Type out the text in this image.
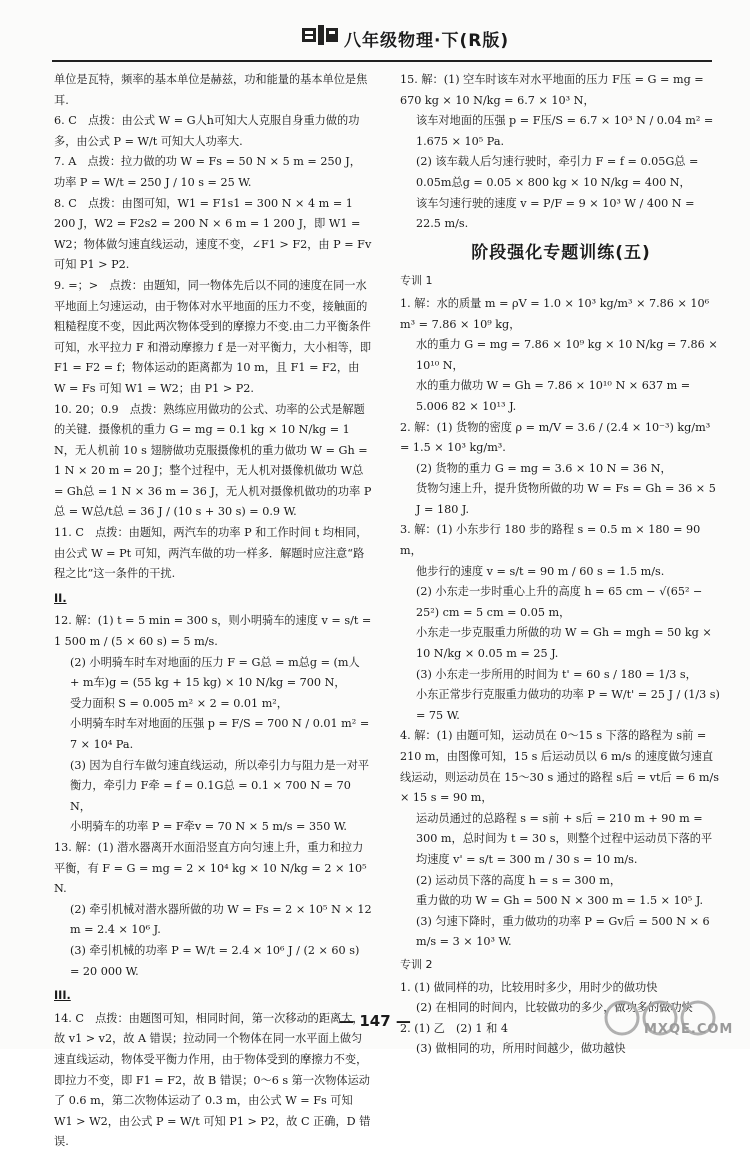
八年级物理·下(R版)

单位是瓦特，频率的基本单位是赫兹，功和能量的基本单位是焦耳.

6. C　点拨：由公式 W = G人h可知大人克服自身重力做的功多，由公式 P = W/t 可知大人功率大.

7. A　点拨：拉力做的功 W = Fs = 50 N × 5 m = 250 J，功率 P = W/t = 250 J / 10 s = 25 W.

8. C　点拨：由图可知，W1 = F1s1 = 300 N × 4 m = 1 200 J，W2 = F2s2 = 200 N × 6 m = 1 200 J，即 W1 = W2；物体做匀速直线运动，速度不变，∠F1 > F2，由 P = Fv 可知 P1 > P2.

9. =；>　点拨：由题知，同一物体先后以不同的速度在同一水平地面上匀速运动，由于物体对水平地面的压力不变，接触面的粗糙程度不变，因此两次物体受到的摩擦力不变.由二力平衡条件可知，水平拉力 F 和滑动摩擦力 f 是一对平衡力，大小相等，即 F1 = F2 = f；物体运动的距离都为 10 m，且 F1 = F2，由 W = Fs 可知 W1 = W2；由 P1 > P2.

10. 20；0.9　点拨：熟练应用做功的公式、功率的公式是解题的关键．摄像机的重力 G = mg = 0.1 kg × 10 N/kg = 1 N，无人机前 10 s 翅膀做功克服摄像机的重力做功 W = Gh = 1 N × 20 m = 20 J；整个过程中，无人机对摄像机做功 W总 = Gh总 = 1 N × 36 m = 36 J，无人机对摄像机做功的功率 P总 = W总/t总 = 36 J / (10 s + 30 s) = 0.9 W.

11. C　点拨：由题知，两汽车的功率 P 和工作时间 t 均相同，由公式 W = Pt 可知，两汽车做的功一样多．解题时应注意“路程之比”这一条件的干扰.

II.

12. 解：(1) t = 5 min = 300 s，则小明骑车的速度 v = s/t = 1 500 m / (5 × 60 s) = 5 m/s.

(2) 小明骑车时车对地面的压力 F = G总 = m总g = (m人 + m车)g = (55 kg + 15 kg) × 10 N/kg = 700 N，

受力面积 S = 0.005 m² × 2 = 0.01 m²，

小明骑车时车对地面的压强 p = F/S = 700 N / 0.01 m² = 7 × 10⁴ Pa.

(3) 因为自行车做匀速直线运动，所以牵引力与阻力是一对平衡力，牵引力 F牵 = f = 0.1G总 = 0.1 × 700 N = 70 N，

小明骑车的功率 P = F牵v = 70 N × 5 m/s = 350 W.

13. 解：(1) 潜水器离开水面沿竖直方向匀速上升，重力和拉力平衡，有 F = G = mg = 2 × 10⁴ kg × 10 N/kg = 2 × 10⁵ N.

(2) 牵引机械对潜水器所做的功 W = Fs = 2 × 10⁵ N × 12 m = 2.4 × 10⁶ J.

(3) 牵引机械的功率 P = W/t = 2.4 × 10⁶ J / (2 × 60 s) = 20 000 W.

III.

14. C　点拨：由题图可知，相同时间，第一次移动的距离大，故 v1 > v2，故 A 错误；拉动同一个物体在同一水平面上做匀速直线运动，物体受平衡力作用，由于物体受到的摩擦力不变，即拉力不变，即 F1 = F2，故 B 错误；0～6 s 第一次物体运动了 0.6 m，第二次物体运动了 0.3 m，由公式 W = Fs 可知 W1 > W2，由公式 P = W/t 可知 P1 > P2，故 C 正确，D 错误.

15. 解：(1) 空车时该车对水平地面的压力 F压 = G = mg = 670 kg × 10 N/kg = 6.7 × 10³ N，

该车对地面的压强 p = F压/S = 6.7 × 10³ N / 0.04 m² = 1.675 × 10⁵ Pa.

(2) 该车载人后匀速行驶时，牵引力 F = f = 0.05G总 = 0.05m总g = 0.05 × 800 kg × 10 N/kg = 400 N，

该车匀速行驶的速度 v = P/F = 9 × 10³ W / 400 N = 22.5 m/s.

阶段强化专题训练(五)
专训 1

1. 解：水的质量 m = ρV = 1.0 × 10³ kg/m³ × 7.86 × 10⁶ m³ = 7.86 × 10⁹ kg，

水的重力 G = mg = 7.86 × 10⁹ kg × 10 N/kg = 7.86 × 10¹⁰ N，

水的重力做功 W = Gh = 7.86 × 10¹⁰ N × 637 m = 5.006 82 × 10¹³ J.

2. 解：(1) 货物的密度 ρ = m/V = 3.6 / (2.4 × 10⁻³) kg/m³ = 1.5 × 10³ kg/m³.

(2) 货物的重力 G = mg = 3.6 × 10 N = 36 N，

货物匀速上升，提升货物所做的功 W = Fs = Gh = 36 × 5 J = 180 J.

3. 解：(1) 小东步行 180 步的路程 s = 0.5 m × 180 = 90 m，

他步行的速度 v = s/t = 90 m / 60 s = 1.5 m/s.

(2) 小东走一步时重心上升的高度 h = 65 cm − √(65² − 25²) cm = 5 cm = 0.05 m，

小东走一步克服重力所做的功 W = Gh = mgh = 50 kg × 10 N/kg × 0.05 m = 25 J.

(3) 小东走一步所用的时间为 t' = 60 s / 180 = 1/3 s，

小东正常步行克服重力做功的功率 P = W/t' = 25 J / (1/3 s) = 75 W.

4. 解：(1) 由题可知，运动员在 0～15 s 下落的路程为 s前 = 210 m，由图像可知，15 s 后运动员以 6 m/s 的速度做匀速直线运动，则运动员在 15～30 s 通过的路程 s后 = vt后 = 6 m/s × 15 s = 90 m，

运动员通过的总路程 s = s前 + s后 = 210 m + 90 m = 300 m，总时间为 t = 30 s，则整个过程中运动员下落的平均速度 v' = s/t = 300 m / 30 s = 10 m/s.

(2) 运动员下落的高度 h = s = 300 m，

重力做的功 W = Gh = 500 N × 300 m = 1.5 × 10⁵ J.

(3) 匀速下降时，重力做功的功率 P = Gv后 = 500 N × 6 m/s = 3 × 10³ W.

专训 2

1. (1) 做同样的功，比较用时多少，用时少的做功快

(2) 在相同的时间内，比较做功的多少，做功多的做功快

2. (1) 乙　(2) 1 和 4

(3) 做相同的功，所用时间越少，做功越快

— 147 —	MXQE.COM
